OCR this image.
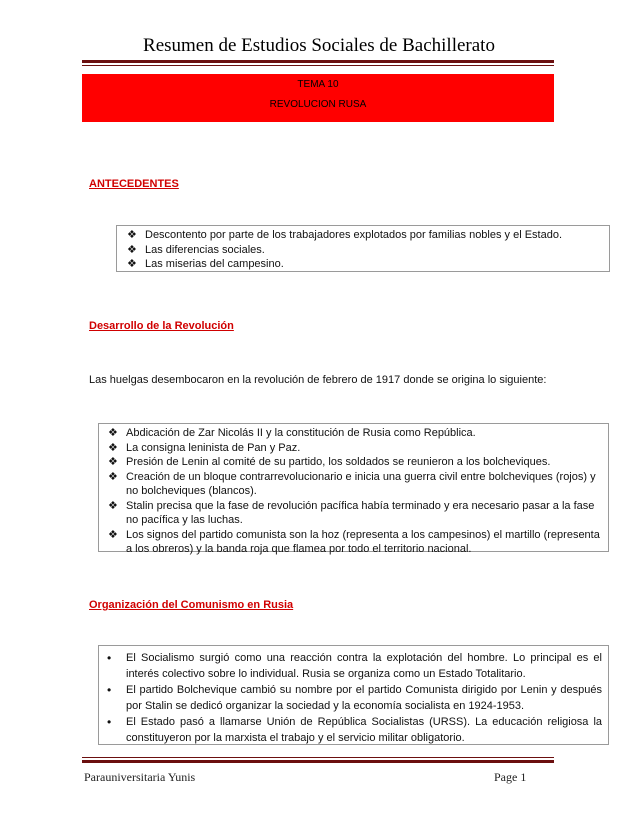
Resumen de Estudios Sociales de Bachillerato
TEMA 10
REVOLUCION RUSA
ANTECEDENTES
❖ Descontento por parte de los trabajadores explotados por familias nobles y el Estado.
❖ Las diferencias sociales.
❖ Las miserias del campesino.
Desarrollo de la Revolución
Las huelgas desembocaron en la revolución de febrero de 1917 donde se origina lo siguiente:
❖ Abdicación de Zar Nicolás II y la constitución de Rusia como República.
❖ La consigna leninista de Pan y Paz.
❖ Presión de Lenin al comité de su partido, los soldados se reunieron a los bolcheviques.
❖ Creación de un bloque contrarrevolucionario e inicia una guerra civil entre bolcheviques (rojos) y no bolcheviques (blancos).
❖ Stalin precisa que la fase de revolución pacífica había terminado y era necesario pasar a la fase no pacífica y las luchas.
❖ Los signos del partido comunista son la hoz (representa a los campesinos) el martillo (representa a los obreros) y la banda roja que flamea por todo el territorio nacional.
Organización del Comunismo en Rusia
• El Socialismo surgió como una reacción contra la explotación del hombre. Lo principal es el interés colectivo sobre lo individual. Rusia se organiza como un Estado Totalitario.
• El partido Bolchevique cambió su nombre por el partido Comunista dirigido por Lenin y después por Stalin se dedicó organizar la sociedad y la economía socialista en 1924-1953.
• El Estado pasó a llamarse Unión de República Socialistas (URSS). La educación religiosa la constituyeron por la marxista el trabajo y el servicio militar obligatorio.
Parauniversitaria Yunis	Page 1
